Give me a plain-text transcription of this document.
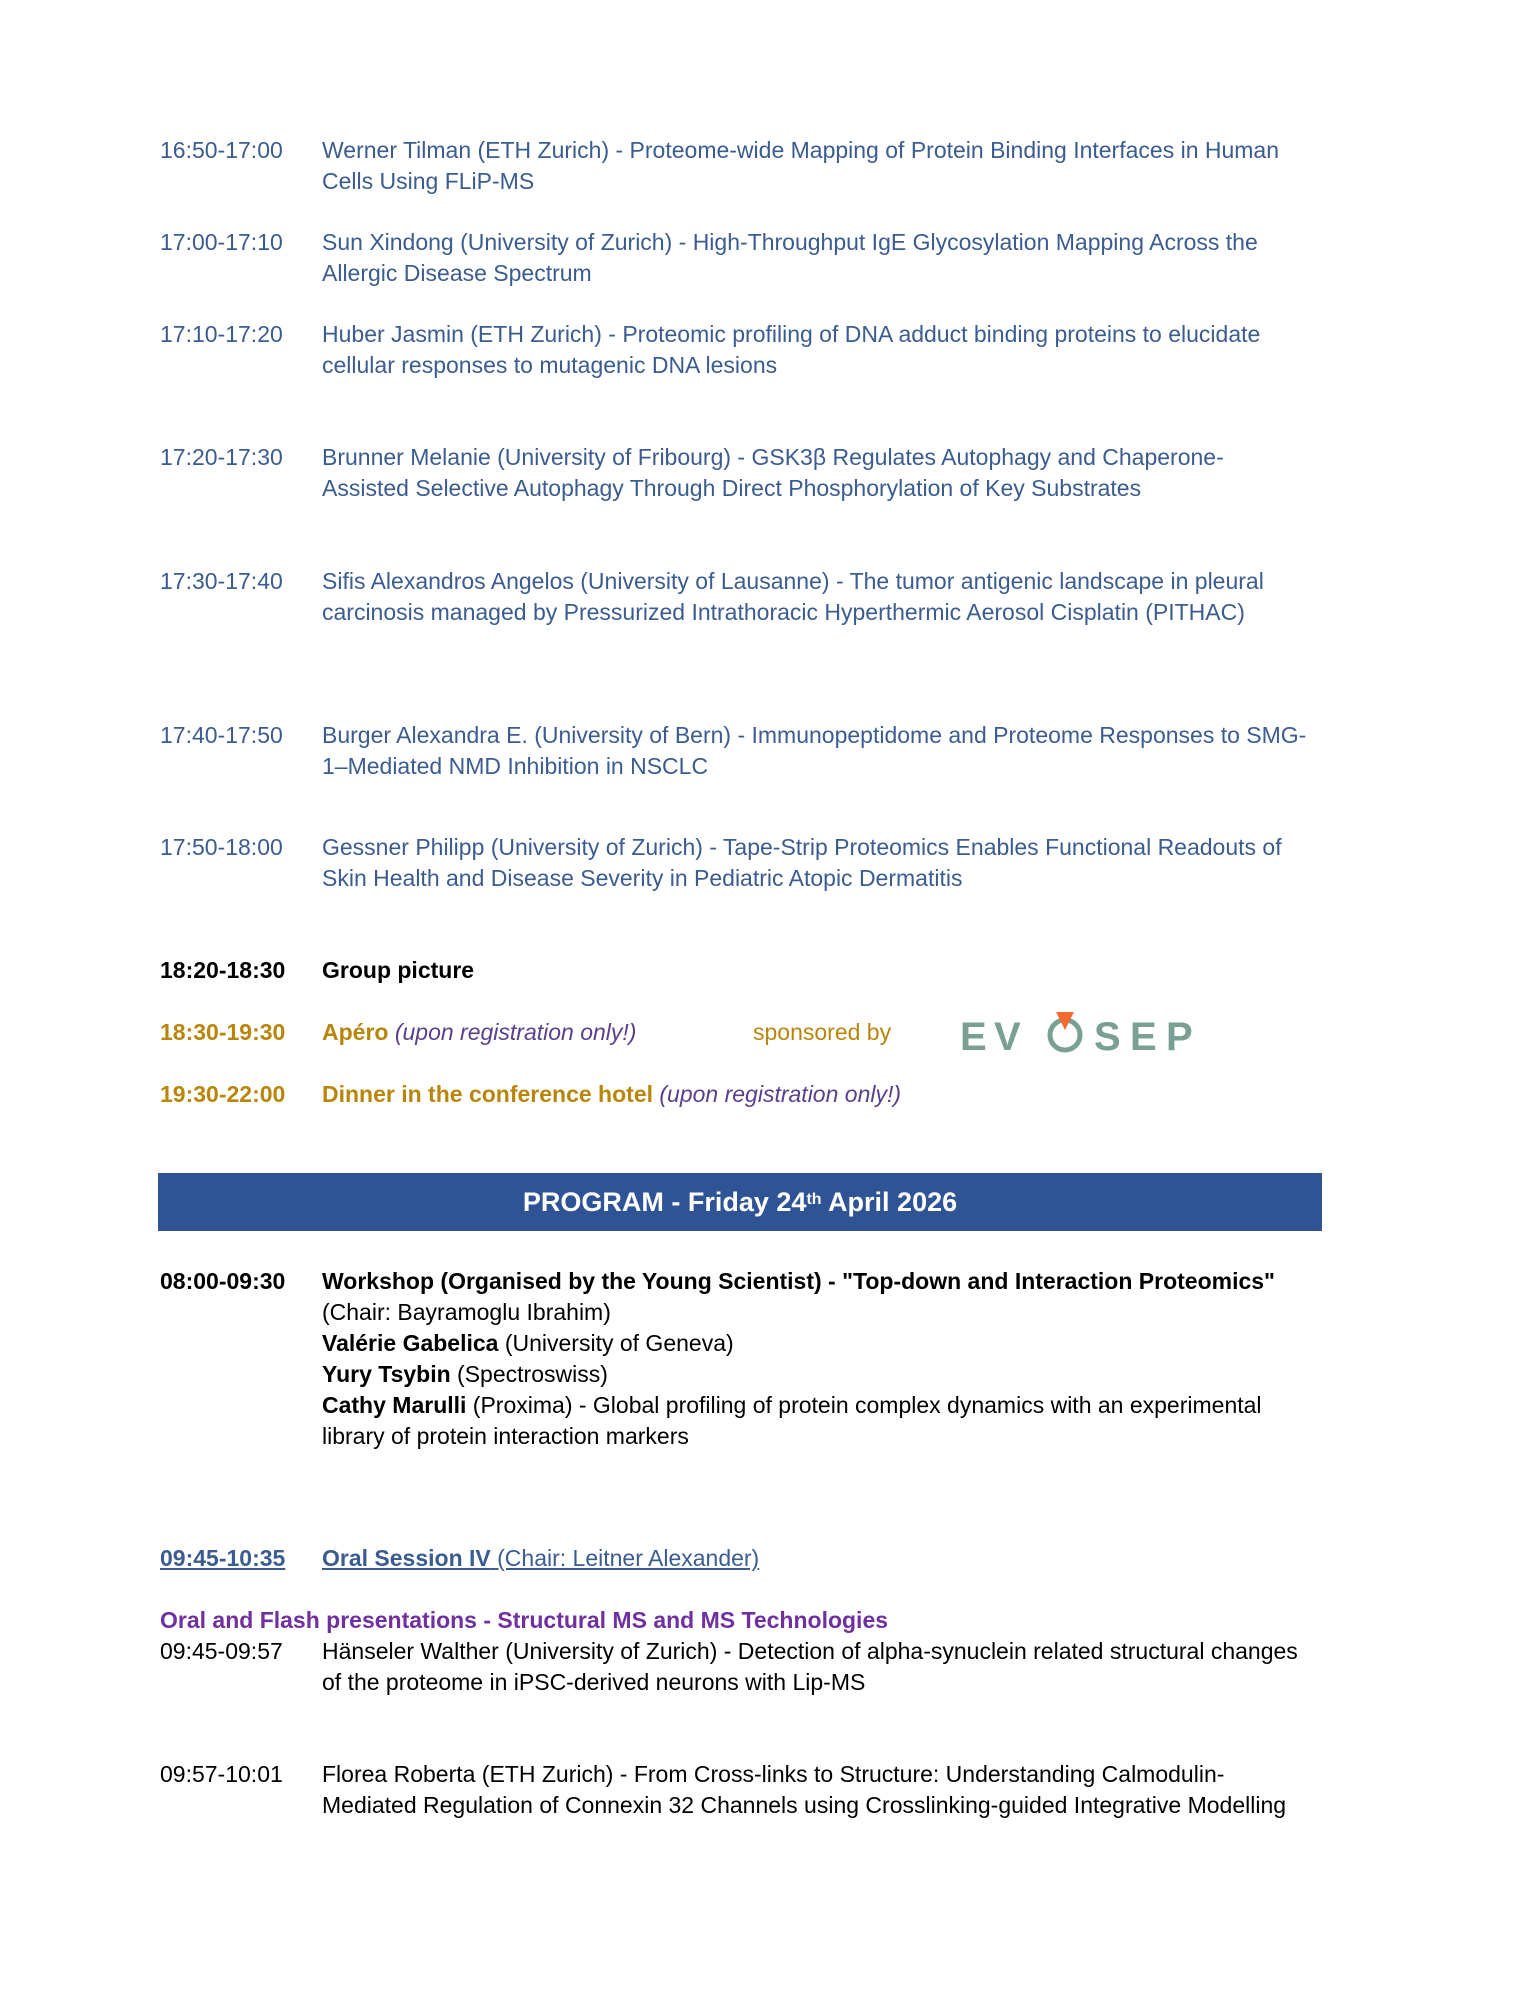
16:50-17:00	Werner Tilman (ETH Zurich) - Proteome-wide Mapping of Protein Binding Interfaces in Human Cells Using FLiP-MS
17:00-17:10	Sun Xindong (University of Zurich) - High-Throughput IgE Glycosylation Mapping Across the Allergic Disease Spectrum
17:10-17:20	Huber Jasmin (ETH Zurich) - Proteomic profiling of DNA adduct binding proteins to elucidate cellular responses to mutagenic DNA lesions
17:20-17:30	Brunner Melanie (University of Fribourg) - GSK3β Regulates Autophagy and Chaperone-Assisted Selective Autophagy Through Direct Phosphorylation of Key Substrates
17:30-17:40	Sifis Alexandros Angelos (University of Lausanne) - The tumor antigenic landscape in pleural carcinosis managed by Pressurized Intrathoracic Hyperthermic Aerosol Cisplatin (PITHAC)
17:40-17:50	Burger Alexandra E. (University of Bern) - Immunopeptidome and Proteome Responses to SMG-1–Mediated NMD Inhibition in NSCLC
17:50-18:00	Gessner Philipp (University of Zurich) - Tape-Strip Proteomics Enables Functional Readouts of Skin Health and Disease Severity in Pediatric Atopic Dermatitis
18:20-18:30	Group picture
18:30-19:30	Apéro (upon registration only!)	sponsored by E V S E P
19:30-22:00	Dinner in the conference hotel (upon registration only!)
PROGRAM - Friday 24th April 2026
08:00-09:30	Workshop (Organised by the Young Scientist) - "Top-down and Interaction Proteomics"
(Chair: Bayramoglu Ibrahim)
Valérie Gabelica (University of Geneva)
Yury Tsybin (Spectroswiss)
Cathy Marulli (Proxima) - Global profiling of protein complex dynamics with an experimental library of protein interaction markers
09:45-10:35	Oral Session IV (Chair: Leitner Alexander)
Oral and Flash presentations - Structural MS and MS Technologies
09:45-09:57	Hänseler Walther (University of Zurich) - Detection of alpha-synuclein related structural changes of the proteome in iPSC-derived neurons with Lip-MS
09:57-10:01	Florea Roberta (ETH Zurich) - From Cross-links to Structure: Understanding Calmodulin-Mediated Regulation of Connexin 32 Channels using Crosslinking-guided Integrative Modelling
